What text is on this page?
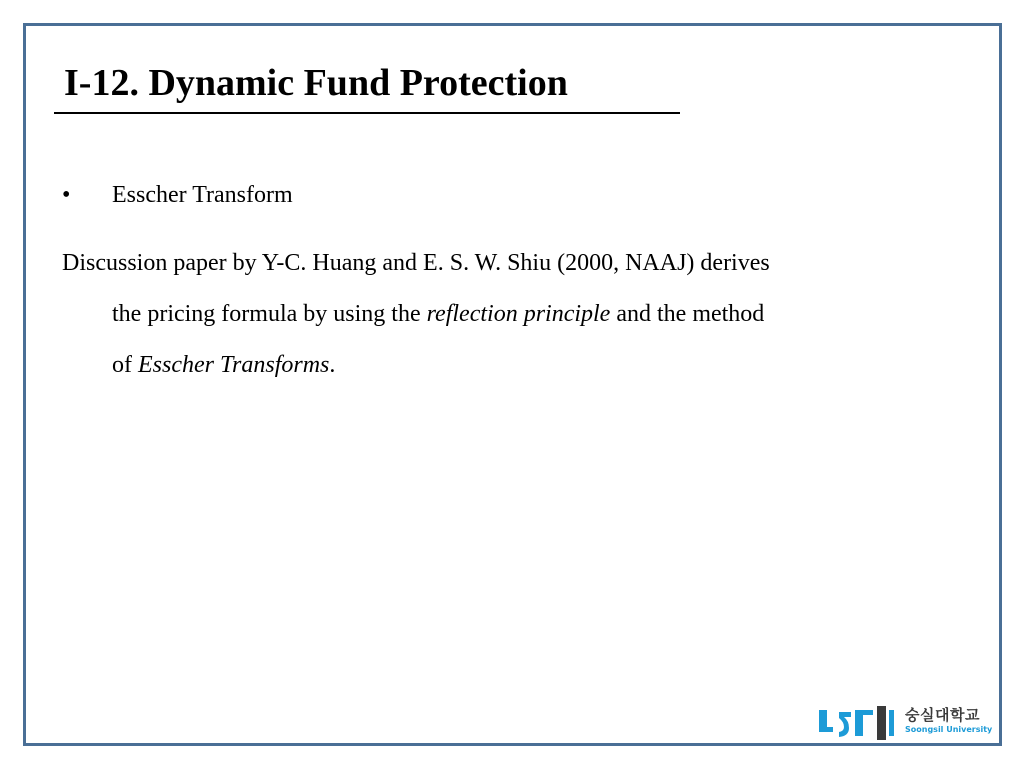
I-12. Dynamic Fund Protection
• Esscher Transform
Discussion paper by Y-C. Huang and E. S. W. Shiu (2000, NAAJ) derives
the pricing formula by using the reflection principle and the method
of Esscher Transforms.
숭실대학교
Soongsil University
